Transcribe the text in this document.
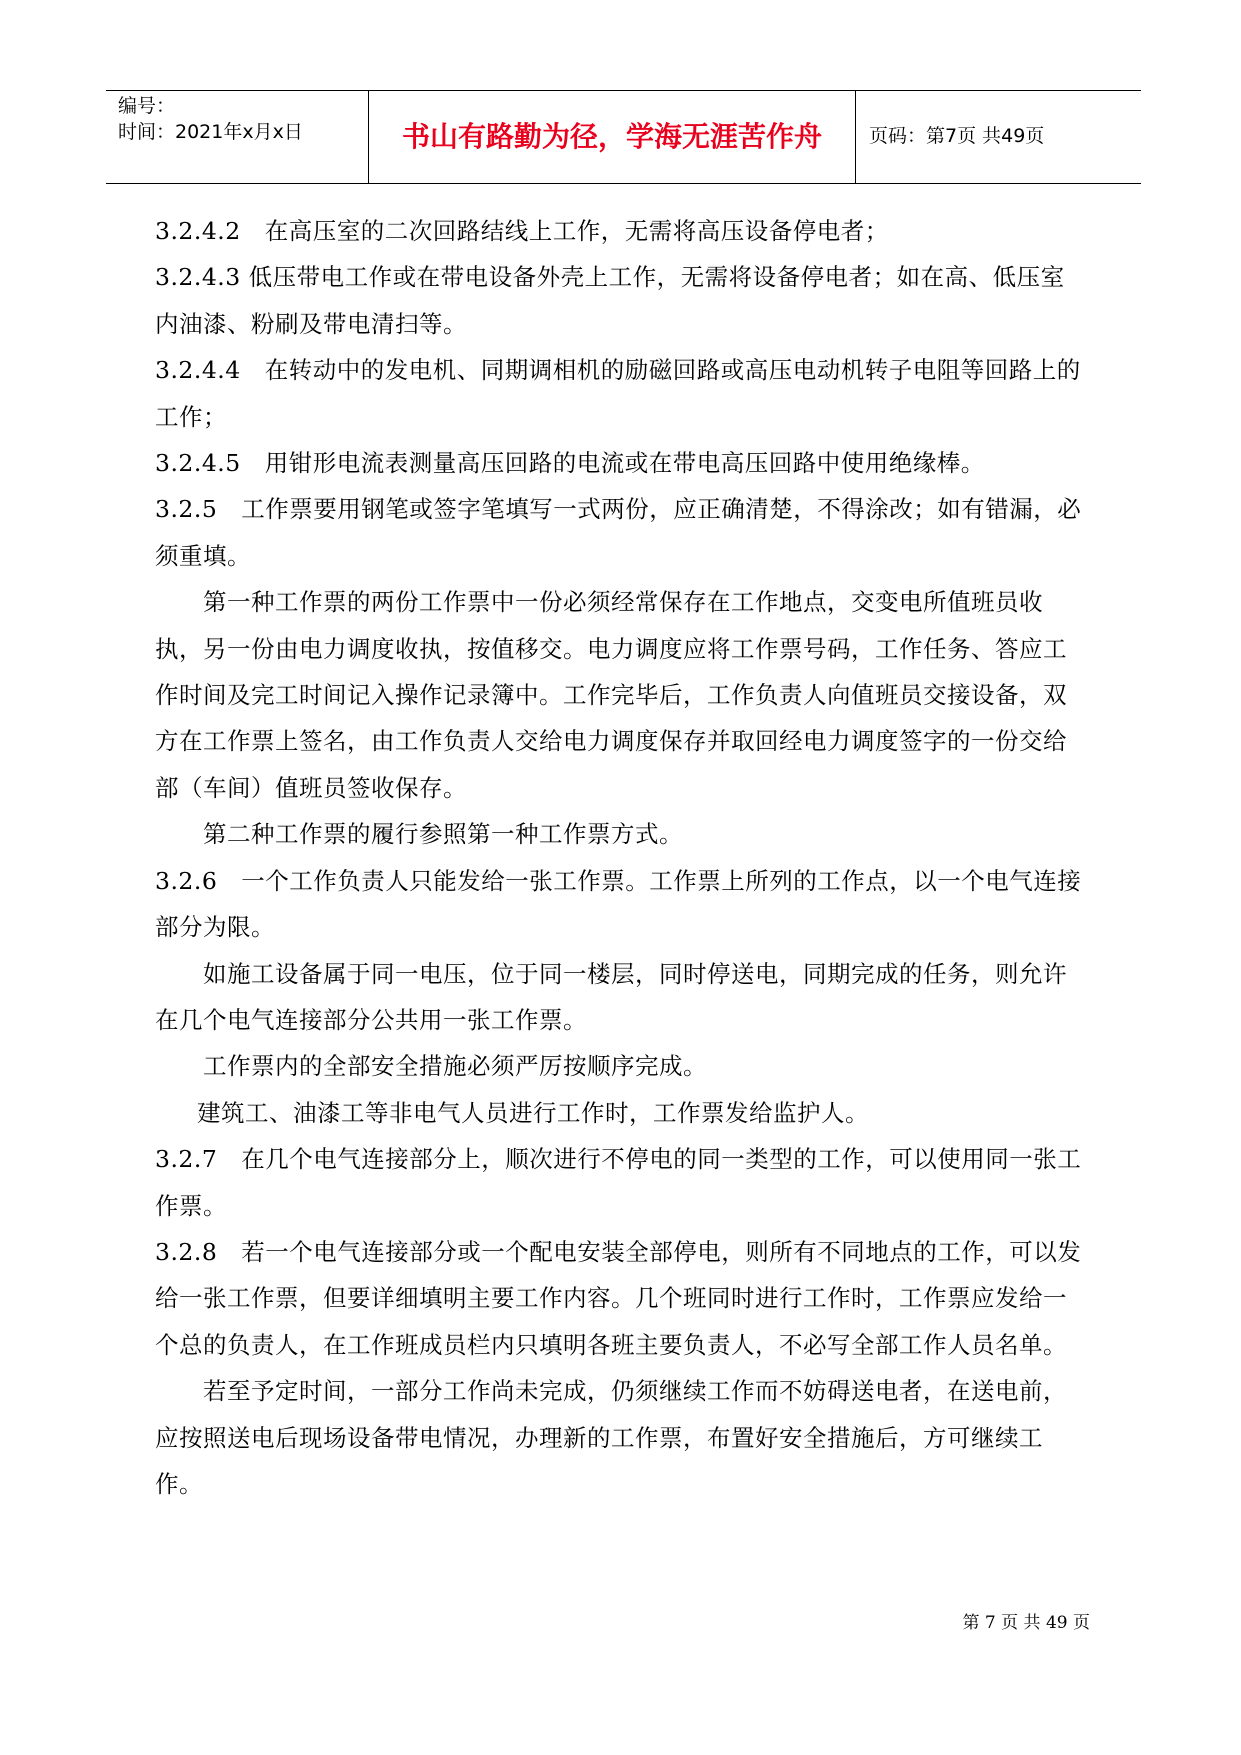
编号：
时间：2021年x月x日	书山有路勤为径，学海无涯苦作舟	页码：第7页 共49页

3.2.4.2　在高压室的二次回路结线上工作，无需将高压设备停电者；

3.2.4.3 低压带电工作或在带电设备外壳上工作，无需将设备停电者；如在高、低压室内油漆、粉刷及带电清扫等。

3.2.4.4　在转动中的发电机、同期调相机的励磁回路或高压电动机转子电阻等回路上的工作；

3.2.4.5　用钳形电流表测量高压回路的电流或在带电高压回路中使用绝缘棒。

3.2.5　工作票要用钢笔或签字笔填写一式两份，应正确清楚，不得涂改；如有错漏，必须重填。

第一种工作票的两份工作票中一份必须经常保存在工作地点，交变电所值班员收执，另一份由电力调度收执，按值移交。电力调度应将工作票号码，工作任务、答应工作时间及完工时间记入操作记录簿中。工作完毕后，工作负责人向值班员交接设备，双方在工作票上签名，由工作负责人交给电力调度保存并取回经电力调度签字的一份交给部（车间）值班员签收保存。

第二种工作票的履行参照第一种工作票方式。

3.2.6　一个工作负责人只能发给一张工作票。工作票上所列的工作点，以一个电气连接部分为限。

如施工设备属于同一电压，位于同一楼层，同时停送电，同期完成的任务，则允许在几个电气连接部分公共用一张工作票。

工作票内的全部安全措施必须严厉按顺序完成。

建筑工、油漆工等非电气人员进行工作时，工作票发给监护人。

3.2.7　在几个电气连接部分上，顺次进行不停电的同一类型的工作，可以使用同一张工作票。

3.2.8　若一个电气连接部分或一个配电安装全部停电，则所有不同地点的工作，可以发给一张工作票，但要详细填明主要工作内容。几个班同时进行工作时，工作票应发给一个总的负责人，在工作班成员栏内只填明各班主要负责人，不必写全部工作人员名单。

若至予定时间，一部分工作尚未完成，仍须继续工作而不妨碍送电者，在送电前，应按照送电后现场设备带电情况，办理新的工作票，布置好安全措施后，方可继续工作。

第 7 页 共 49 页
